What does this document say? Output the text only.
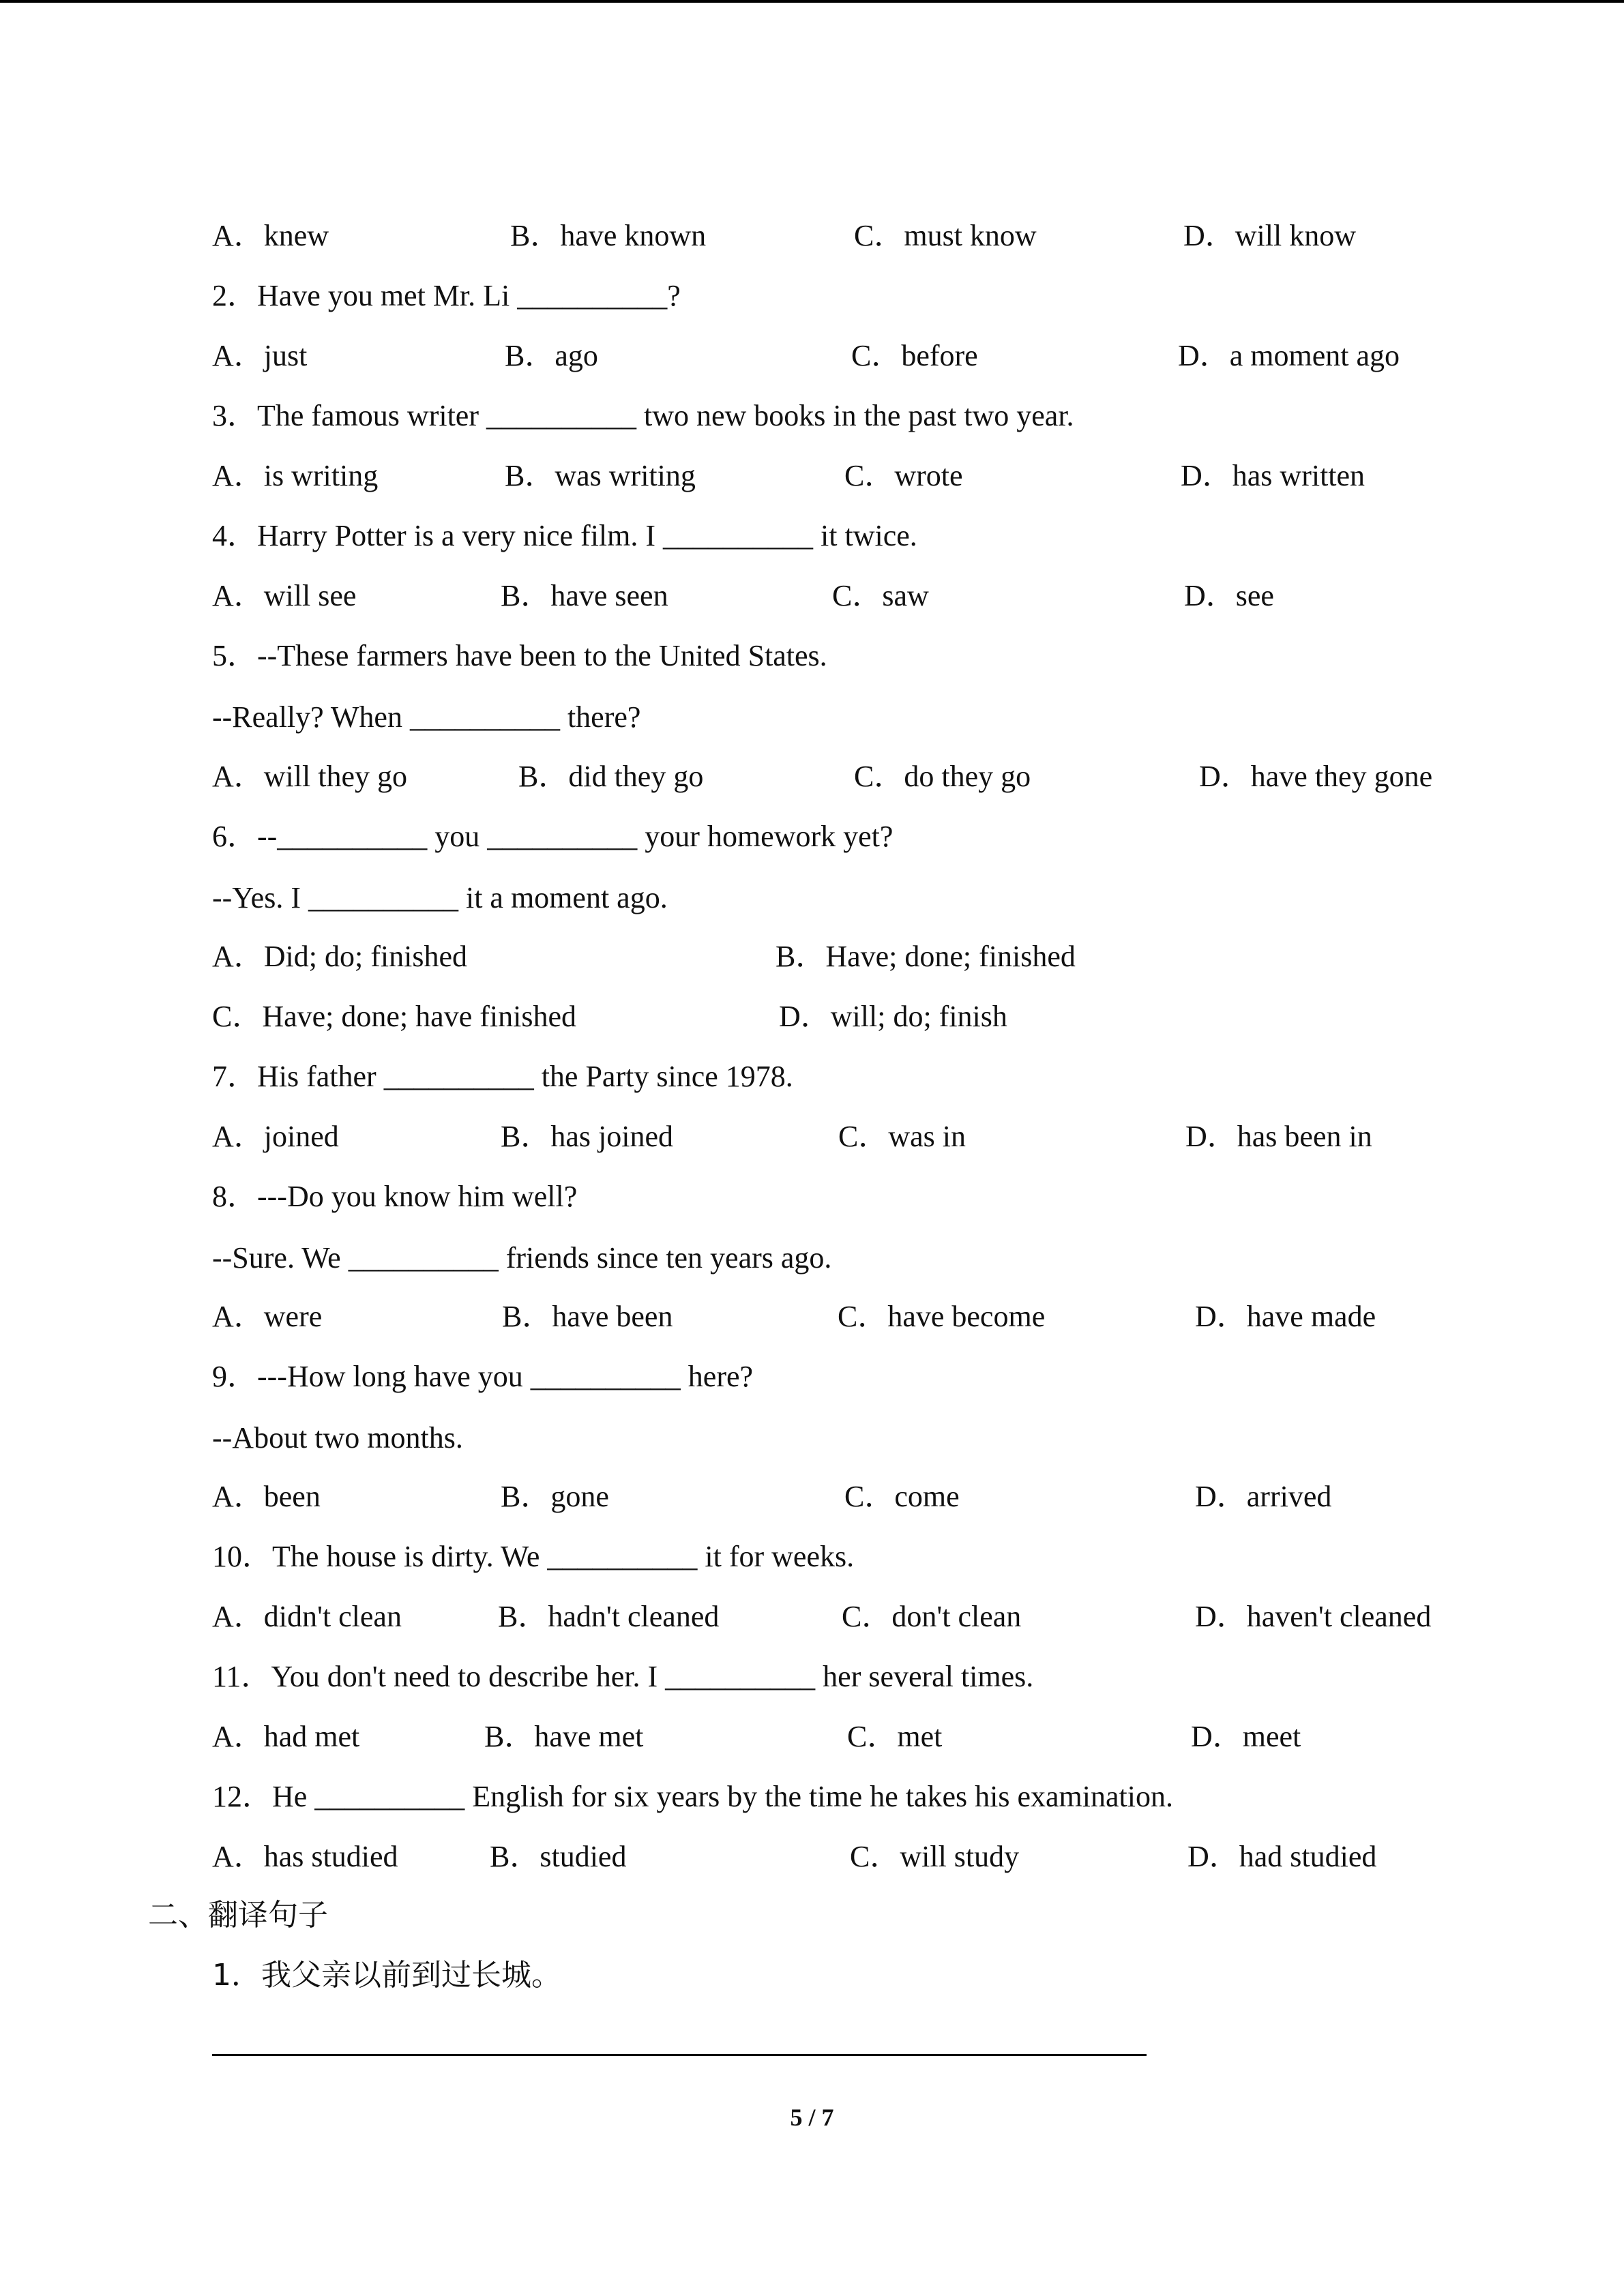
A．knew	B．have known	C．must know	D．will know
2．Have you met Mr. Li __________?
A．just	B．ago	C．before	D．a moment ago
3．The famous writer __________ two new books in the past two year.
A．is writing	B．was writing	C．wrote	D．has written
4．Harry Potter is a very nice film. I __________ it twice.
A．will see	B．have seen	C．saw	D．see
5．--These farmers have been to the United States.
--Really? When __________ there?
A．will they go	B．did they go	C．do they go	D．have they gone
6．--__________ you __________ your homework yet?
--Yes. I __________ it a moment ago.
A．Did; do; finished	B．Have; done; finished
C．Have; done; have finished	D．will; do; finish
7．His father __________ the Party since 1978.
A．joined	B．has joined	C．was in	D．has been in
8．---Do you know him well?
--Sure. We __________ friends since ten years ago.
A．were	B．have been	C．have become	D．have made
9．---How long have you __________ here?
--About two months.
A．been	B．gone	C．come	D．arrived
10．The house is dirty. We __________ it for weeks.
A．didn't clean	B．hadn't cleaned	C．don't clean	D．haven't cleaned
11．You don't need to describe her. I __________ her several times.
A．had met	B．have met	C．met	D．meet
12．He __________ English for six years by the time he takes his examination.
A．has studied	B．studied	C．will study	D．had studied
二、翻译句子
1．我父亲以前到过长城。
5 / 7
